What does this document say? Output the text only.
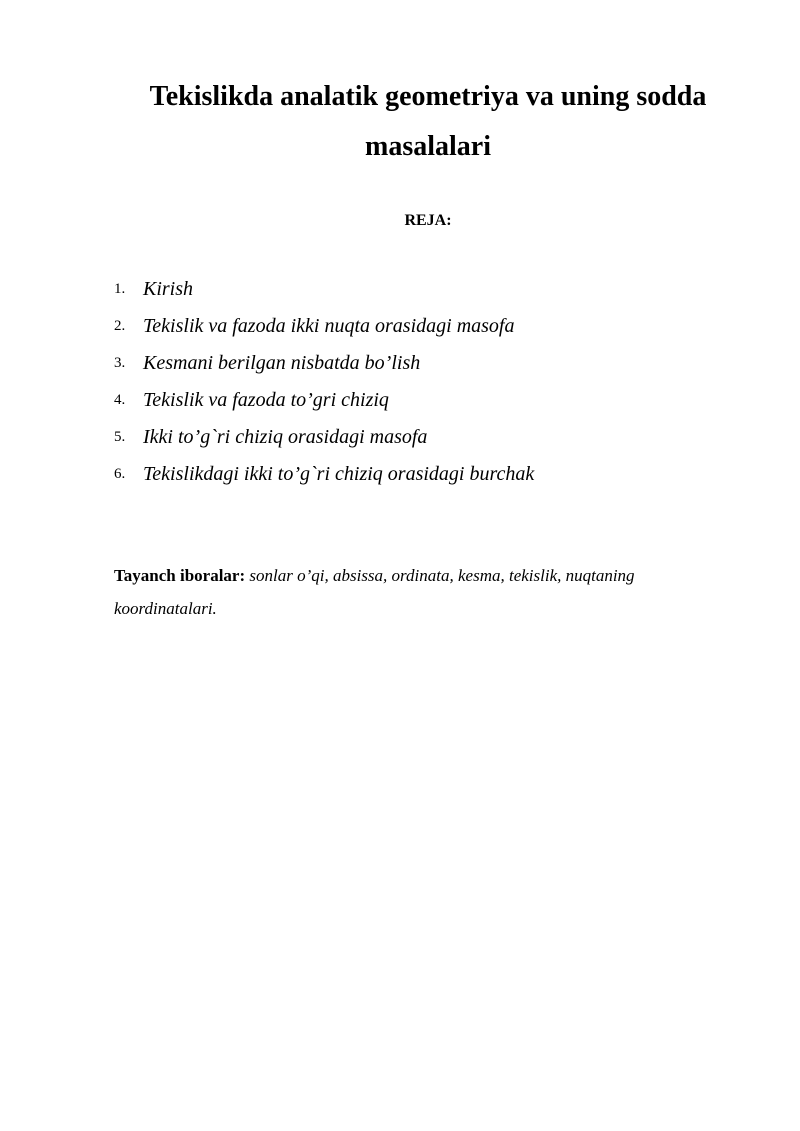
Tekislikda analatik geometriya va uning sodda
masalalari
REJA:
1. Kirish
2. Tekislik va fazoda ikki nuqta orasidagi masofa
3. Kesmani berilgan nisbatda bo’lish
4. Tekislik va fazoda to’gri chiziq
5. Ikki to’g`ri chiziq orasidagi masofa
6. Tekislikdagi ikki to’g`ri chiziq orasidagi burchak
Tayanch iboralar: sonlar o’qi, absissa, ordinata, kesma, tekislik, nuqtaning koordinatalari.
